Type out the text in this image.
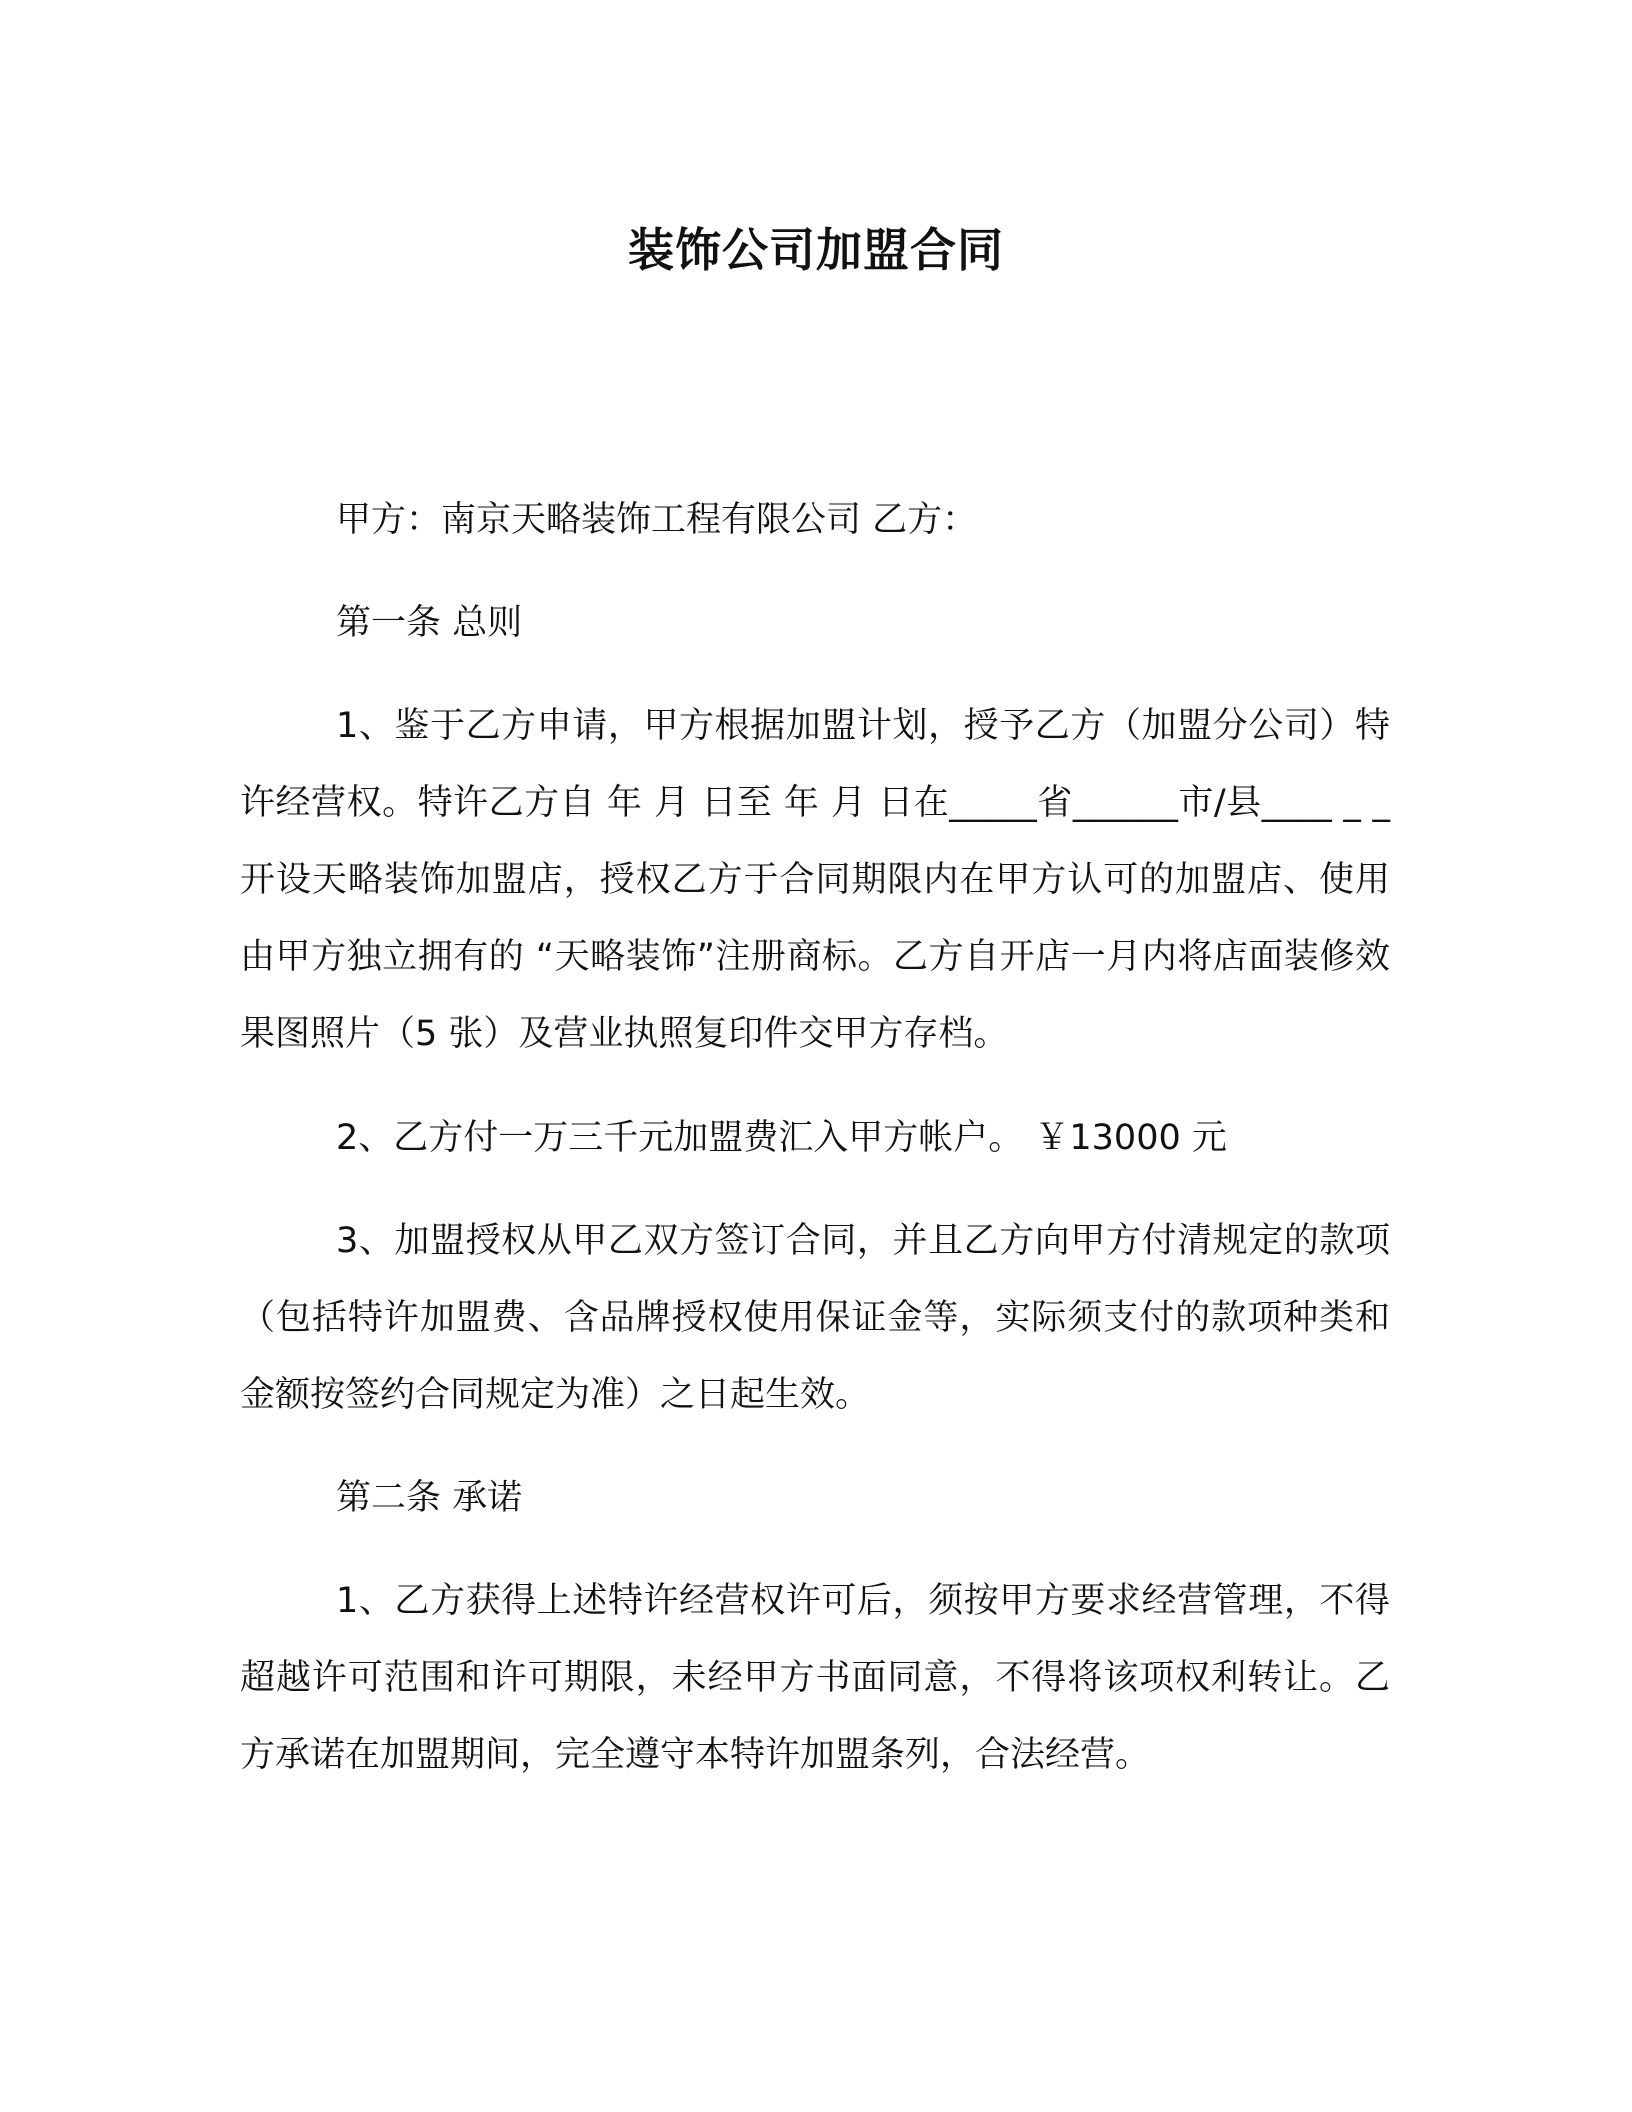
装饰公司加盟合同

甲方：南京天略装饰工程有限公司 乙方：

第一条 总则

1、鉴于乙方申请，甲方根据加盟计划，授予乙方（加盟分公司）特许经营权。特许乙方自 年 月 日至 年 月 日在_____省______市/县____ _ _ 开设天略装饰加盟店，授权乙方于合同期限内在甲方认可的加盟店、使用由甲方独立拥有的 “天略装饰”注册商标。乙方自开店一月内将店面装修效果图照片（5 张）及营业执照复印件交甲方存档。

2、乙方付一万三千元加盟费汇入甲方帐户。 ￥13000 元

3、加盟授权从甲乙双方签订合同，并且乙方向甲方付清规定的款项（包括特许加盟费、含品牌授权使用保证金等，实际须支付的款项种类和金额按签约合同规定为准）之日起生效。

第二条 承诺

1、乙方获得上述特许经营权许可后，须按甲方要求经营管理，不得超越许可范围和许可期限，未经甲方书面同意，不得将该项权利转让。乙方承诺在加盟期间，完全遵守本特许加盟条列，合法经营。
